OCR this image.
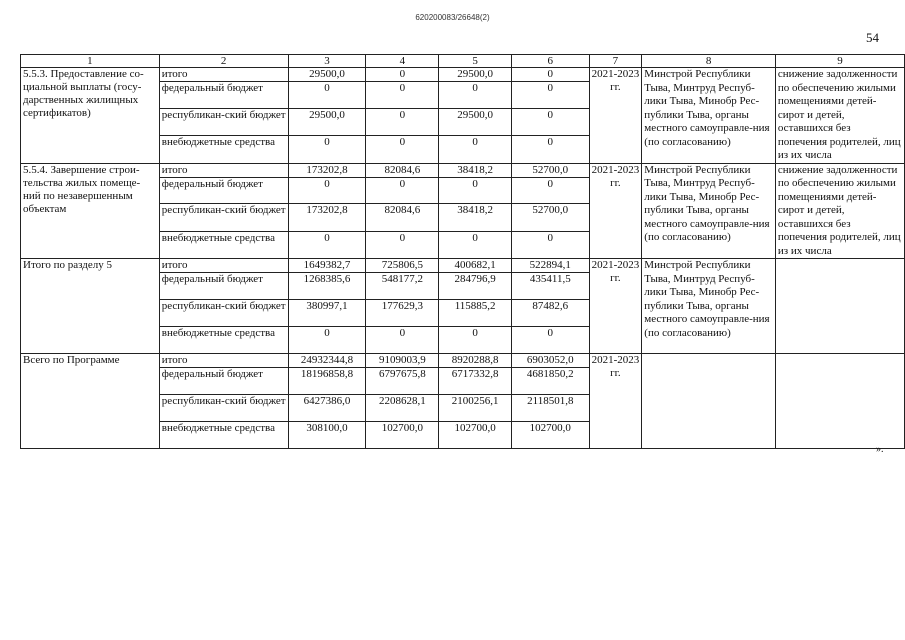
620200083/26648(2)
54
1	2	3	4	5	6	7	8	9
5.5.3. Предоставление со-циальной выплаты (госу-дарственных жилищных сертификатов)	итого	29500,0	0	29500,0	0	2021-2023 гг.	Минстрой Республики Тыва, Минтруд Респуб-лики Тыва, Минобр Рес-публики Тыва, органы местного самоуправле-ния (по согласованию)	снижение задолженности по обеспечению жилыми помещениями детей-сирот и детей, оставшихся без попечения родителей, лиц из их числа
	федеральный бюджет	0	0	0	0			
	республикан-ский бюджет	29500,0	0	29500,0	0			
	внебюджетные средства	0	0	0	0			
5.5.4. Завершение строи-тельства жилых помеще-ний по незавершенным объектам	итого	173202,8	82084,6	38418,2	52700,0	2021-2023 гг.	Минстрой Республики Тыва, Минтруд Респуб-лики Тыва, Минобр Рес-публики Тыва, органы местного самоуправле-ния (по согласованию)	снижение задолженности по обеспечению жилыми помещениями детей-сирот и детей, оставшихся без попечения родителей, лиц из их числа
	федеральный бюджет	0	0	0	0			
	республикан-ский бюджет	173202,8	82084,6	38418,2	52700,0			
	внебюджетные средства	0	0	0	0			
Итого по разделу 5	итого	1649382,7	725806,5	400682,1	522894,1	2021-2023 гг.	Минстрой Республики Тыва, Минтруд Респуб-лики Тыва, Минобр Рес-публики Тыва, органы местного самоуправле-ния (по согласованию)	
	федеральный бюджет	1268385,6	548177,2	284796,9	435411,5			
	республикан-ский бюджет	380997,1	177629,3	115885,2	87482,6			
	внебюджетные средства	0	0	0	0			
Всего по Программе	итого	24932344,8	9109003,9	8920288,8	6903052,0	2021-2023 гг.		
	федеральный бюджет	18196858,8	6797675,8	6717332,8	4681850,2			
	республикан-ский бюджет	6427386,0	2208628,1	2100256,1	2118501,8			
	внебюджетные средства	308100,0	102700,0	102700,0	102700,0			
».
